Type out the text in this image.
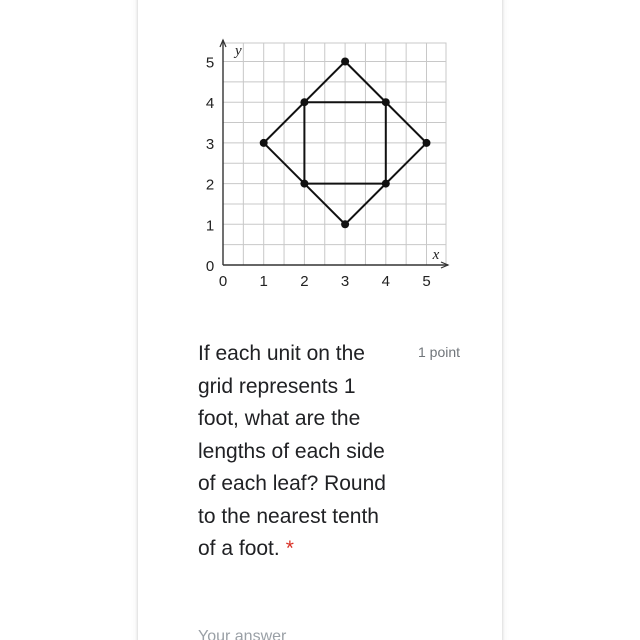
5
4
3
2
1
0
0 1 2 3 4 5
y
x
If each unit on the grid represents 1 foot, what are the lengths of each side of each leaf? Round to the nearest tenth of a foot. *
1 point
Your answer
